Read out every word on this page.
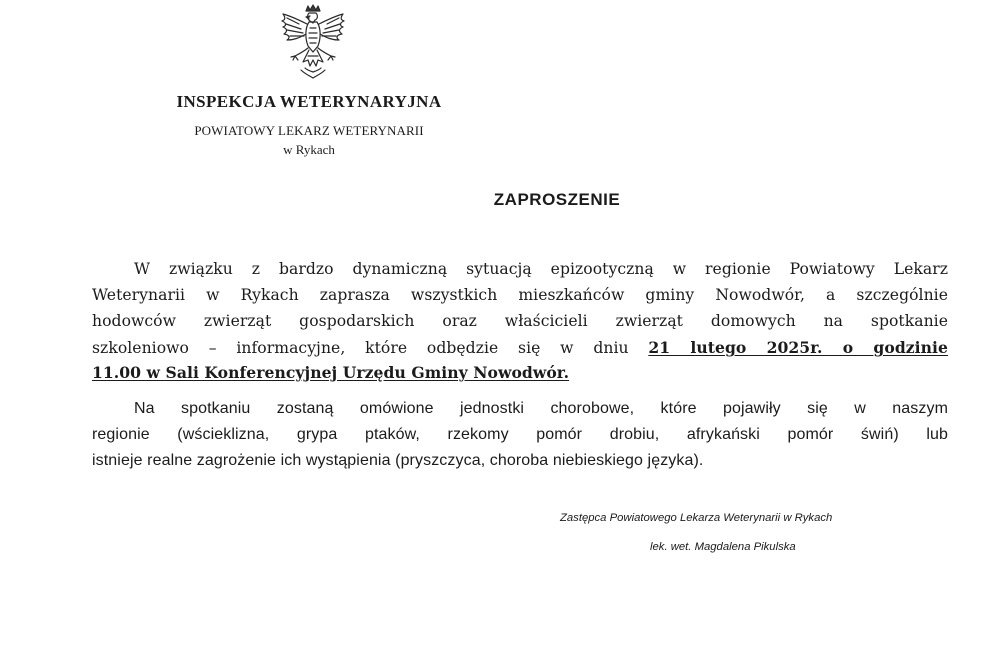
INSPEKCJA WETERYNARYJNA
POWIATOWY LEKARZ WETERYNARII
w Rykach
ZAPROSZENIE
W związku z bardzo dynamiczną sytuacją epizootyczną w regionie Powiatowy Lekarz
Weterynarii w Rykach zaprasza wszystkich mieszkańców gminy Nowodwór, a szczególnie
hodowców zwierząt gospodarskich oraz właścicieli zwierząt domowych na spotkanie
szkoleniowo – informacyjne, które odbędzie się w dniu 21 lutego 2025r. o godzinie
11.00 w Sali Konferencyjnej Urzędu Gminy Nowodwór.
Na spotkaniu zostaną omówione jednostki chorobowe, które pojawiły się w naszym
regionie (wścieklizna, grypa ptaków, rzekomy pomór drobiu, afrykański pomór świń) lub
istnieje realne zagrożenie ich wystąpienia (pryszczyca, choroba niebieskiego języka).
Zastępca Powiatowego Lekarza Weterynarii w Rykach
lek. wet. Magdalena Pikulska
